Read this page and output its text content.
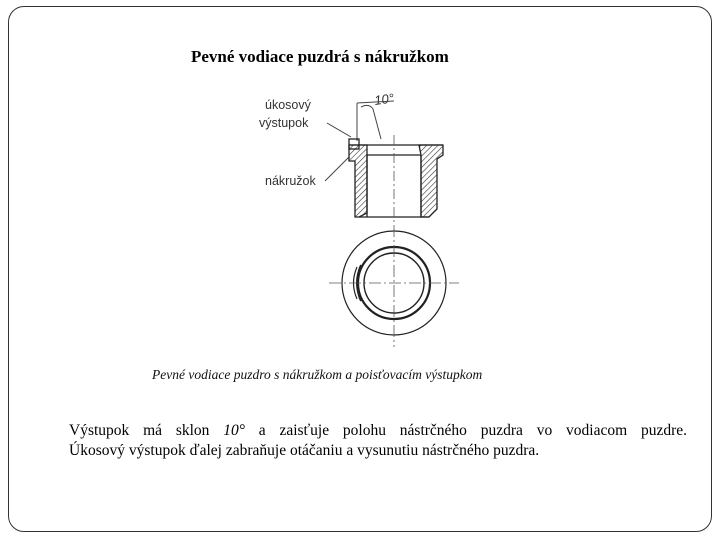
Pevné vodiace puzdrá s nákružkom
úkosový
výstupok
nákružok
10°
Pevné vodiace puzdro s nákružkom a poisťovacím výstupkom

Výstupok má sklon 10° a zaisťuje polohu nástrčného puzdra vo vodiacom puzdre.
Úkosový výstupok ďalej zabraňuje otáčaniu a vysunutiu nástrčného puzdra.
